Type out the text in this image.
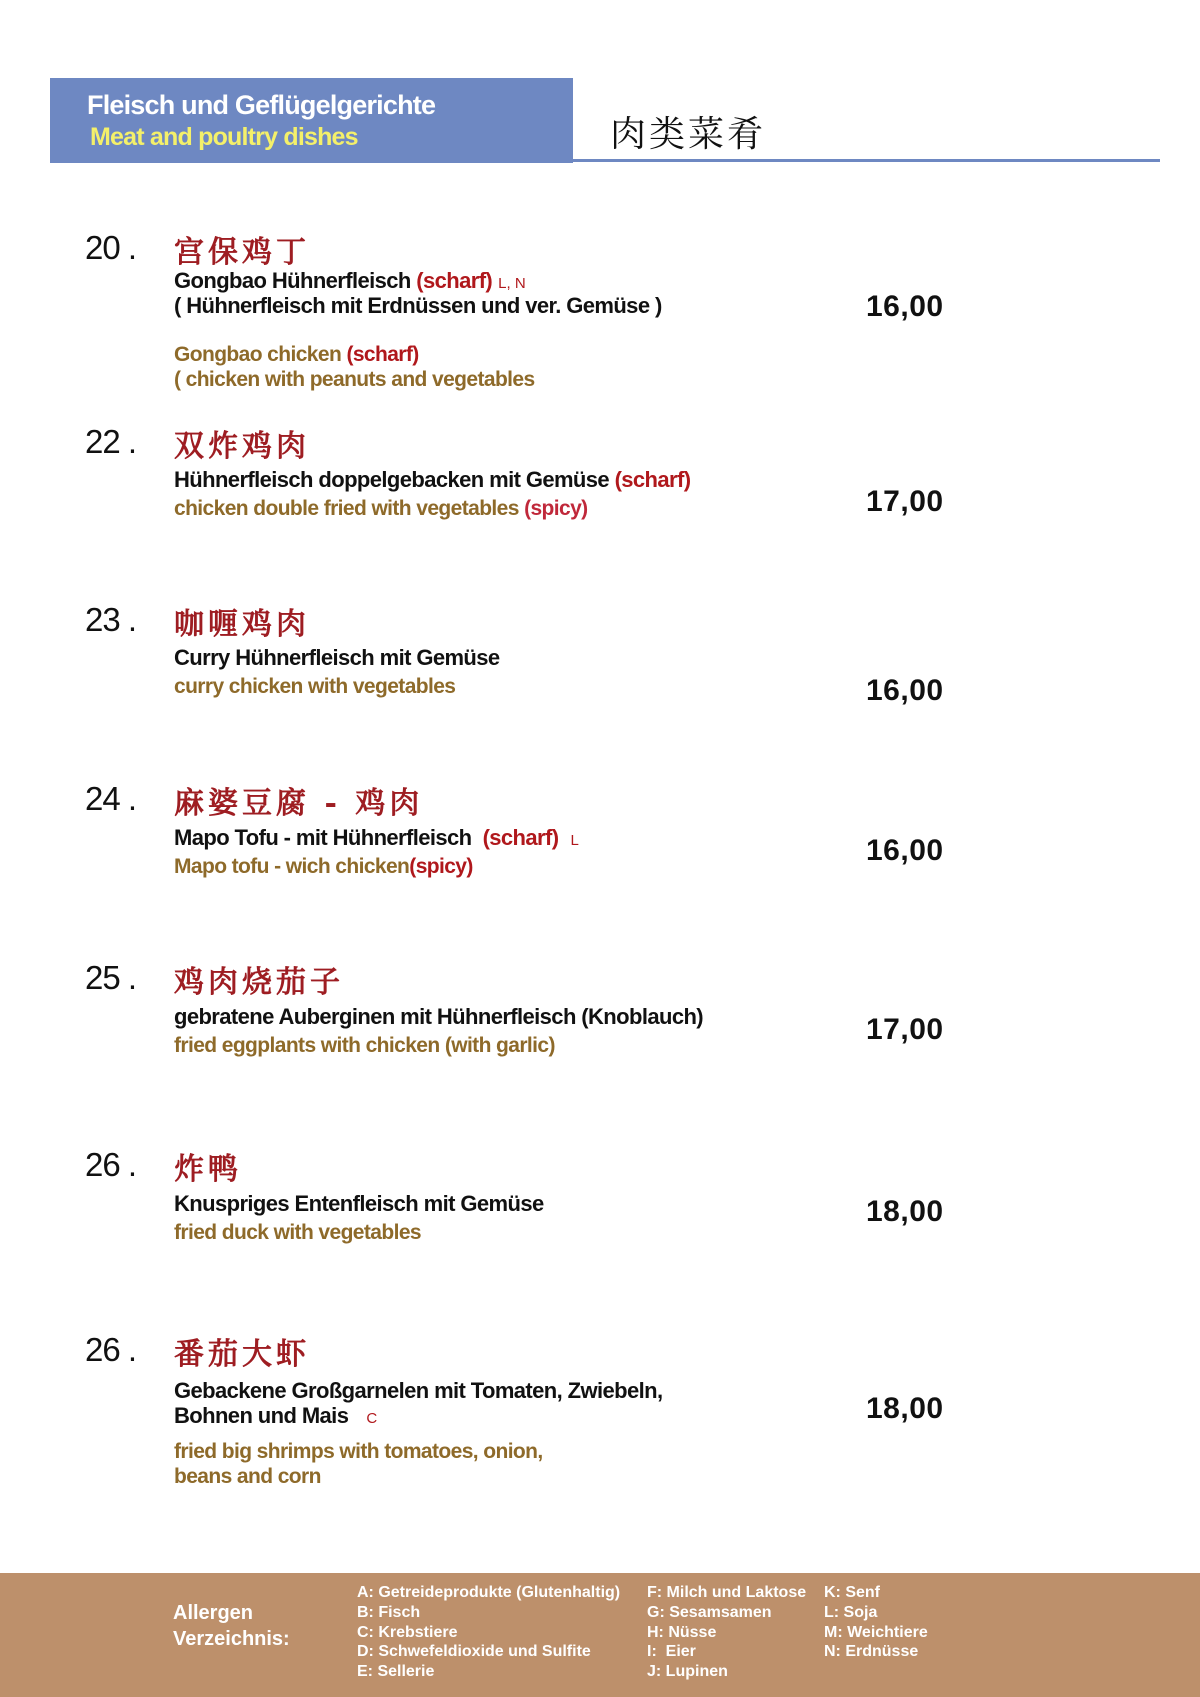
Fleisch und Geflügelgerichte
Meat and poultry dishes	肉类菜肴
20 . 宫保鸡丁
Gongbao Hühnerfleisch (scharf) L, N
( Hühnerfleisch mit Erdnüssen und ver. Gemüse )
Gongbao chicken (scharf)
( chicken with peanuts and vegetables
16,00
22 . 双炸鸡肉
Hühnerfleisch doppelgebacken mit Gemüse (scharf)
chicken double fried with vegetables (spicy)	17,00
23 . 咖喱鸡肉
Curry Hühnerfleisch mit Gemüse
curry chicken with vegetables	16,00
24 . 麻婆豆腐 - 鸡肉
Mapo Tofu - mit Hühnerfleisch (scharf) L
Mapo tofu - wich chicken(spicy)	16,00
25 . 鸡肉烧茄子
gebratene Auberginen mit Hühnerfleisch (Knoblauch)
fried eggplants with chicken (with garlic)	17,00
26 . 炸鸭
Knuspriges Entenfleisch mit Gemüse
fried duck with vegetables
18,00
26 . 番茄大虾
Gebackene Großgarnelen mit Tomaten, Zwiebeln,
Bohnen und Mais C
fried big shrimps with tomatoes, onion,
beans and corn
18,00
Allergen
Verzeichnis:
A: Getreideprodukte (Glutenhaltig)
B: Fisch
C: Krebstiere
D: Schwefeldioxide und Sulfite
E: Sellerie
F: Milch und Laktose
G: Sesamsamen
H: Nüsse
I:  Eier
J: Lupinen
K: Senf
L: Soja
M: Weichtiere
N: Erdnüsse
